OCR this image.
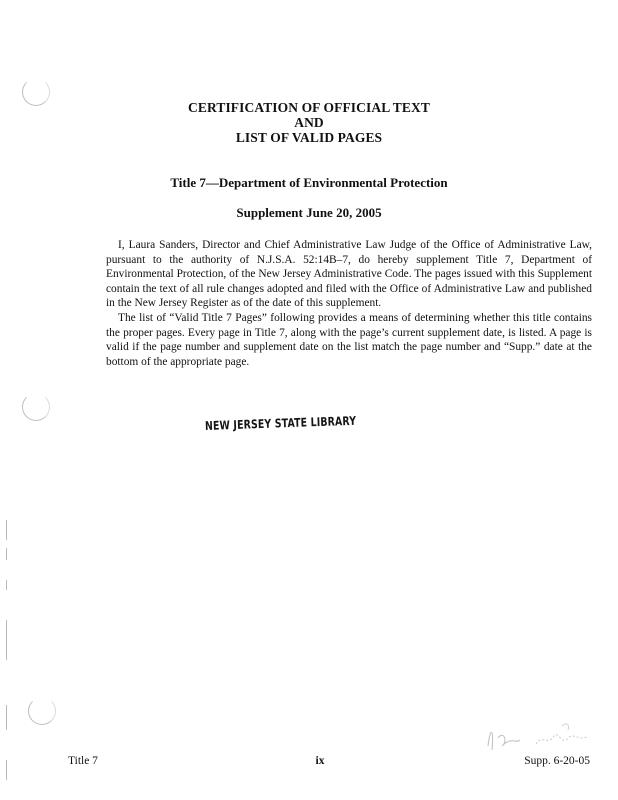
CERTIFICATION OF OFFICIAL TEXT
AND
LIST OF VALID PAGES
Title 7—Department of Environmental Protection
Supplement June 20, 2005

I, Laura Sanders, Director and Chief Administrative Law Judge of the Office of Administrative Law, pursuant to the authority of N.J.S.A. 52:14B–7, do hereby supplement Title 7, Department of Environmental Protection, of the New Jersey Administrative Code. The pages issued with this Supplement contain the text of all rule changes adopted and filed with the Office of Administrative Law and published in the New Jersey Register as of the date of this supplement.

The list of “Valid Title 7 Pages” following provides a means of determining whether this title contains the proper pages. Every page in Title 7, along with the page’s current supplement date, is listed. A page is valid if the page number and supplement date on the list match the page number and “Supp.” date at the bottom of the appropriate page.

NEW JERSEY STATE LIBRARY
Title 7	ix	Supp. 6-20-05
